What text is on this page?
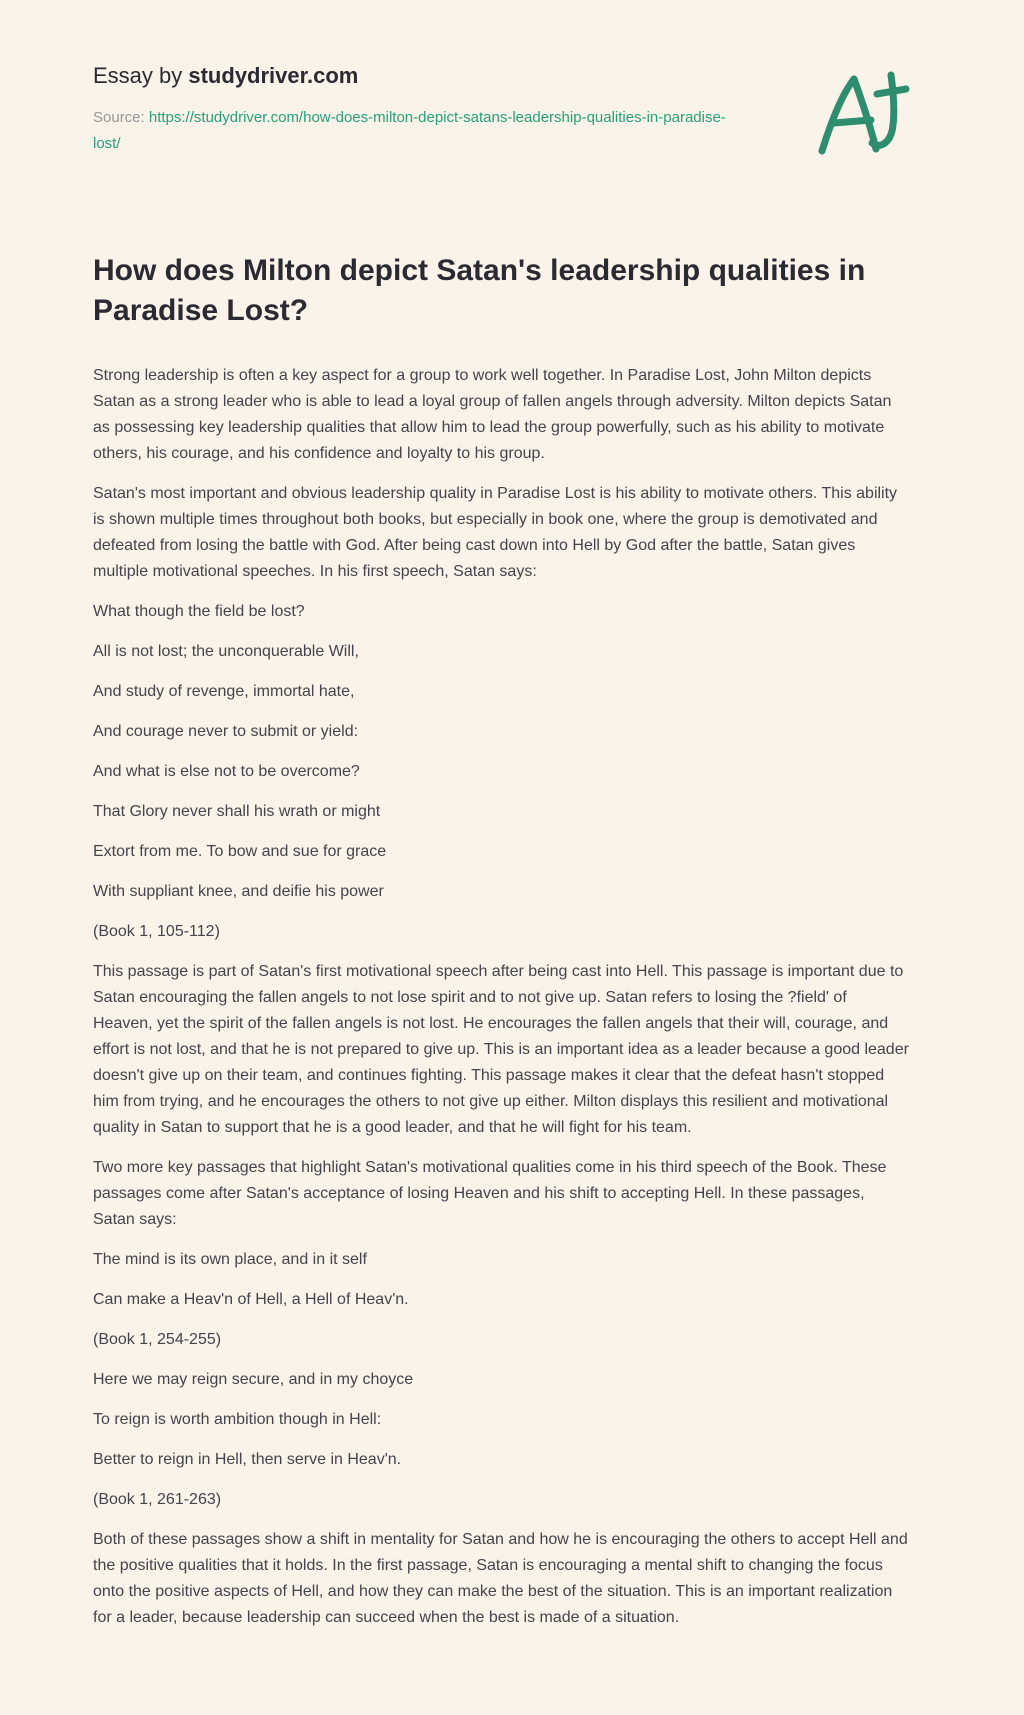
Essay by studydriver.com
Source: https://studydriver.com/how-does-milton-depict-satans-leadership-qualities-in-paradise-lost/
How does Milton depict Satan's leadership qualities in Paradise Lost?

Strong leadership is often a key aspect for a group to work well together. In Paradise Lost, John Milton depicts Satan as a strong leader who is able to lead a loyal group of fallen angels through adversity. Milton depicts Satan as possessing key leadership qualities that allow him to lead the group powerfully, such as his ability to motivate others, his courage, and his confidence and loyalty to his group.

Satan's most important and obvious leadership quality in Paradise Lost is his ability to motivate others. This ability is shown multiple times throughout both books, but especially in book one, where the group is demotivated and defeated from losing the battle with God. After being cast down into Hell by God after the battle, Satan gives multiple motivational speeches. In his first speech, Satan says:

What though the field be lost?

All is not lost; the unconquerable Will,

And study of revenge, immortal hate,

And courage never to submit or yield:

And what is else not to be overcome?

That Glory never shall his wrath or might

Extort from me. To bow and sue for grace

With suppliant knee, and deifie his power

(Book 1, 105-112)

This passage is part of Satan's first motivational speech after being cast into Hell. This passage is important due to Satan encouraging the fallen angels to not lose spirit and to not give up. Satan refers to losing the ?field' of Heaven, yet the spirit of the fallen angels is not lost. He encourages the fallen angels that their will, courage, and effort is not lost, and that he is not prepared to give up. This is an important idea as a leader because a good leader doesn't give up on their team, and continues fighting. This passage makes it clear that the defeat hasn't stopped him from trying, and he encourages the others to not give up either. Milton displays this resilient and motivational quality in Satan to support that he is a good leader, and that he will fight for his team.

Two more key passages that highlight Satan's motivational qualities come in his third speech of the Book. These passages come after Satan's acceptance of losing Heaven and his shift to accepting Hell. In these passages, Satan says:

The mind is its own place, and in it self

Can make a Heav'n of Hell, a Hell of Heav'n.

(Book 1, 254-255)

Here we may reign secure, and in my choyce

To reign is worth ambition though in Hell:

Better to reign in Hell, then serve in Heav'n.

(Book 1, 261-263)

Both of these passages show a shift in mentality for Satan and how he is encouraging the others to accept Hell and the positive qualities that it holds. In the first passage, Satan is encouraging a mental shift to changing the focus onto the positive aspects of Hell, and how they can make the best of the situation. This is an important realization for a leader, because leadership can succeed when the best is made of a situation.
